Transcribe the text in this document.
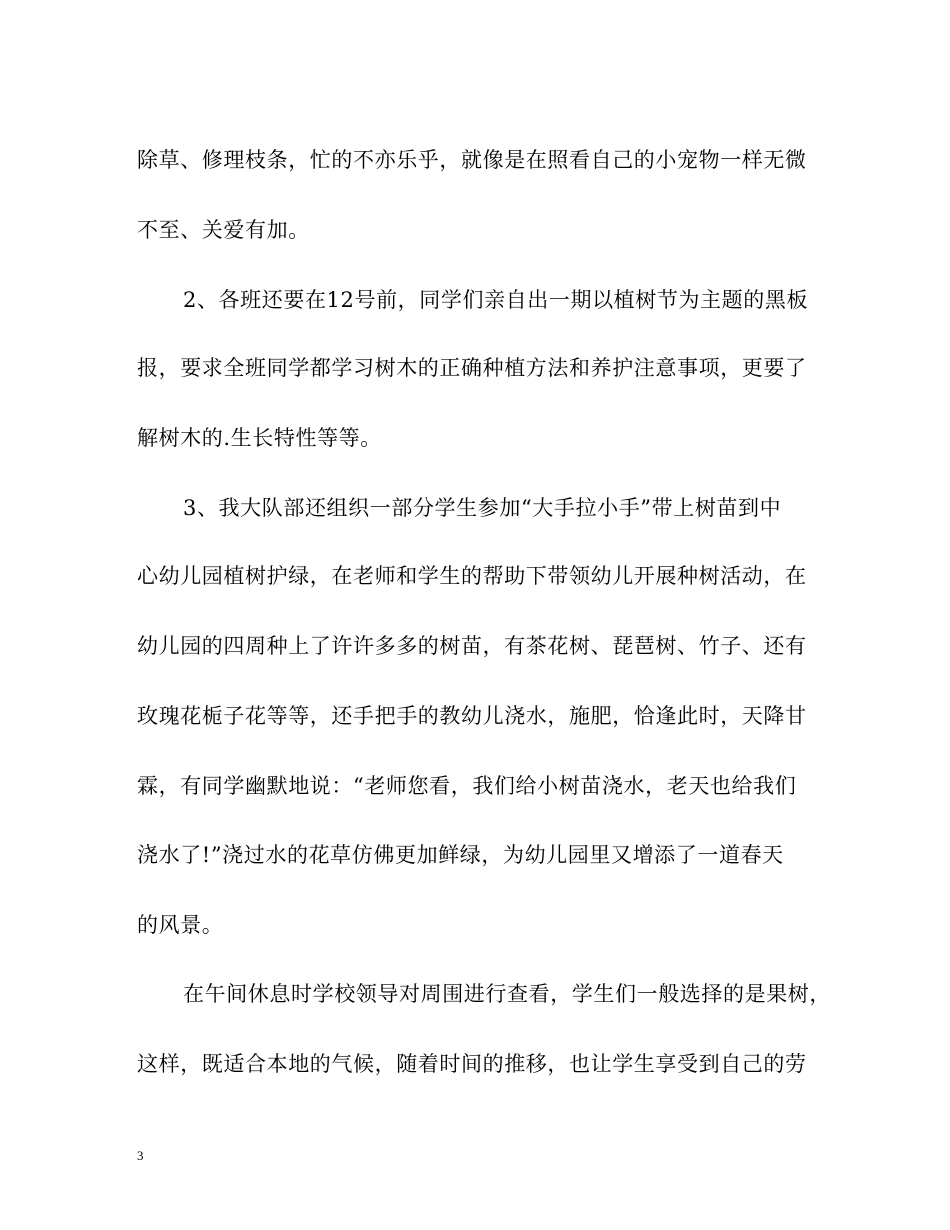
除草、修理枝条，忙的不亦乐乎，就像是在照看自己的小宠物一样无微
不至、关爱有加。
2、各班还要在12号前，同学们亲自出一期以植树节为主题的黑板
报，要求全班同学都学习树木的正确种植方法和养护注意事项，更要了
解树木的.生长特性等等。
3、我大队部还组织一部分学生参加“大手拉小手”带上树苗到中
心幼儿园植树护绿，在老师和学生的帮助下带领幼儿开展种树活动，在
幼儿园的四周种上了许许多多的树苗，有茶花树、琵琶树、竹子、还有
玫瑰花栀子花等等，还手把手的教幼儿浇水，施肥，恰逢此时，天降甘
霖，有同学幽默地说：“老师您看，我们给小树苗浇水，老天也给我们
浇水了!”浇过水的花草仿佛更加鲜绿，为幼儿园里又增添了一道春天
的风景。
在午间休息时学校领导对周围进行查看，学生们一般选择的是果树，
这样，既适合本地的气候，随着时间的推移，也让学生享受到自己的劳
3
